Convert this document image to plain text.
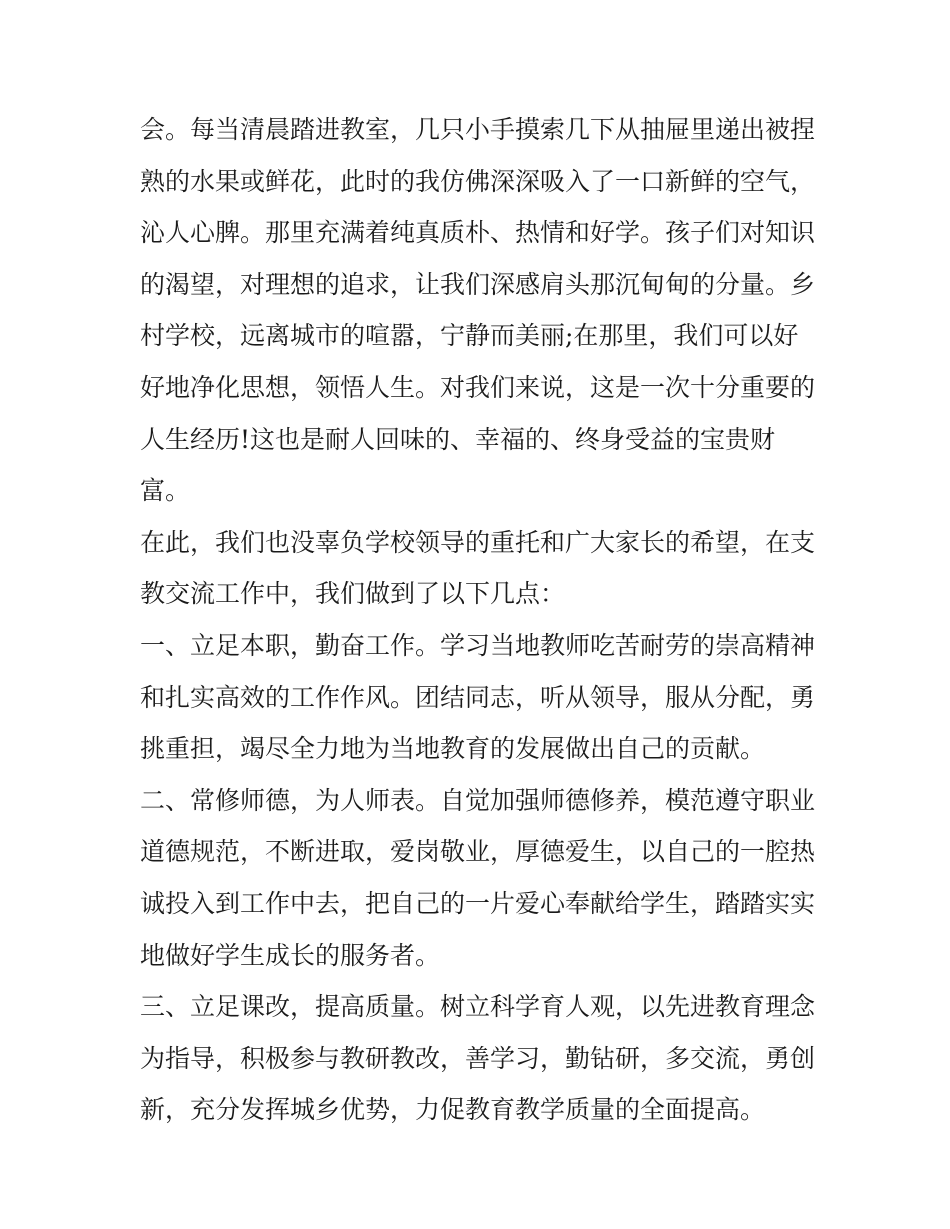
会。每当清晨踏进教室，几只小手摸索几下从抽屉里递出被捏
熟的水果或鲜花，此时的我仿佛深深吸入了一口新鲜的空气，
沁人心脾。那里充满着纯真质朴、热情和好学。孩子们对知识
的渴望，对理想的追求，让我们深感肩头那沉甸甸的分量。乡
村学校，远离城市的喧嚣，宁静而美丽;在那里，我们可以好
好地净化思想，领悟人生。对我们来说，这是一次十分重要的
人生经历!这也是耐人回味的、幸福的、终身受益的宝贵财
富。
在此，我们也没辜负学校领导的重托和广大家长的希望，在支
教交流工作中，我们做到了以下几点：
一、立足本职，勤奋工作。学习当地教师吃苦耐劳的崇高精神
和扎实高效的工作作风。团结同志，听从领导，服从分配，勇
挑重担，竭尽全力地为当地教育的发展做出自己的贡献。
二、常修师德，为人师表。自觉加强师德修养，模范遵守职业
道德规范，不断进取，爱岗敬业，厚德爱生，以自己的一腔热
诚投入到工作中去，把自己的一片爱心奉献给学生，踏踏实实
地做好学生成长的服务者。
三、立足课改，提高质量。树立科学育人观，以先进教育理念
为指导，积极参与教研教改，善学习，勤钻研，多交流，勇创
新，充分发挥城乡优势，力促教育教学质量的全面提高。
